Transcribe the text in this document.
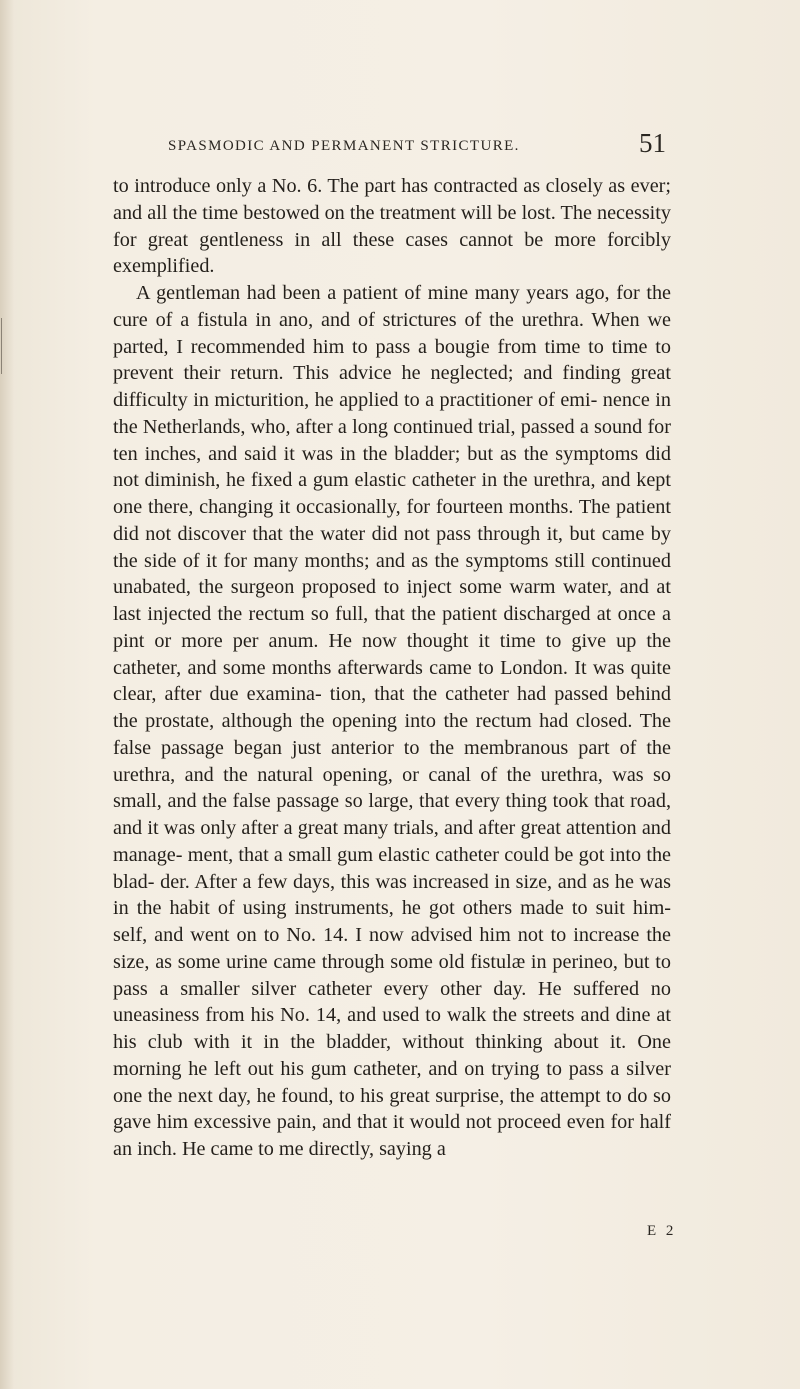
SPASMODIC AND PERMANENT STRICTURE.	51

to introduce only a No. 6. The part has contracted as closely as ever; and all the time bestowed on the treatment will be lost. The necessity for great gentleness in all these cases cannot be more forcibly exemplified.

A gentleman had been a patient of mine many years ago, for the cure of a fistula in ano, and of strictures of the urethra. When we parted, I recommended him to pass a bougie from time to time to prevent their return. This advice he neglected; and finding great difficulty in micturition, he applied to a practitioner of emi- nence in the Netherlands, who, after a long continued trial, passed a sound for ten inches, and said it was in the bladder; but as the symptoms did not diminish, he fixed a gum elastic catheter in the urethra, and kept one there, changing it occasionally, for fourteen months. The patient did not discover that the water did not pass through it, but came by the side of it for many months; and as the symptoms still continued unabated, the surgeon proposed to inject some warm water, and at last injected the rectum so full, that the patient discharged at once a pint or more per anum. He now thought it time to give up the catheter, and some months afterwards came to London. It was quite clear, after due examina- tion, that the catheter had passed behind the prostate, although the opening into the rectum had closed. The false passage began just anterior to the membranous part of the urethra, and the natural opening, or canal of the urethra, was so small, and the false passage so large, that every thing took that road, and it was only after a great many trials, and after great attention and manage- ment, that a small gum elastic catheter could be got into the blad- der. After a few days, this was increased in size, and as he was in the habit of using instruments, he got others made to suit him- self, and went on to No. 14. I now advised him not to increase the size, as some urine came through some old fistulæ in perineo, but to pass a smaller silver catheter every other day. He suffered no uneasiness from his No. 14, and used to walk the streets and dine at his club with it in the bladder, without thinking about it. One morning he left out his gum catheter, and on trying to pass a silver one the next day, he found, to his great surprise, the attempt to do so gave him excessive pain, and that it would not proceed even for half an inch. He came to me directly, saying a

E 2
